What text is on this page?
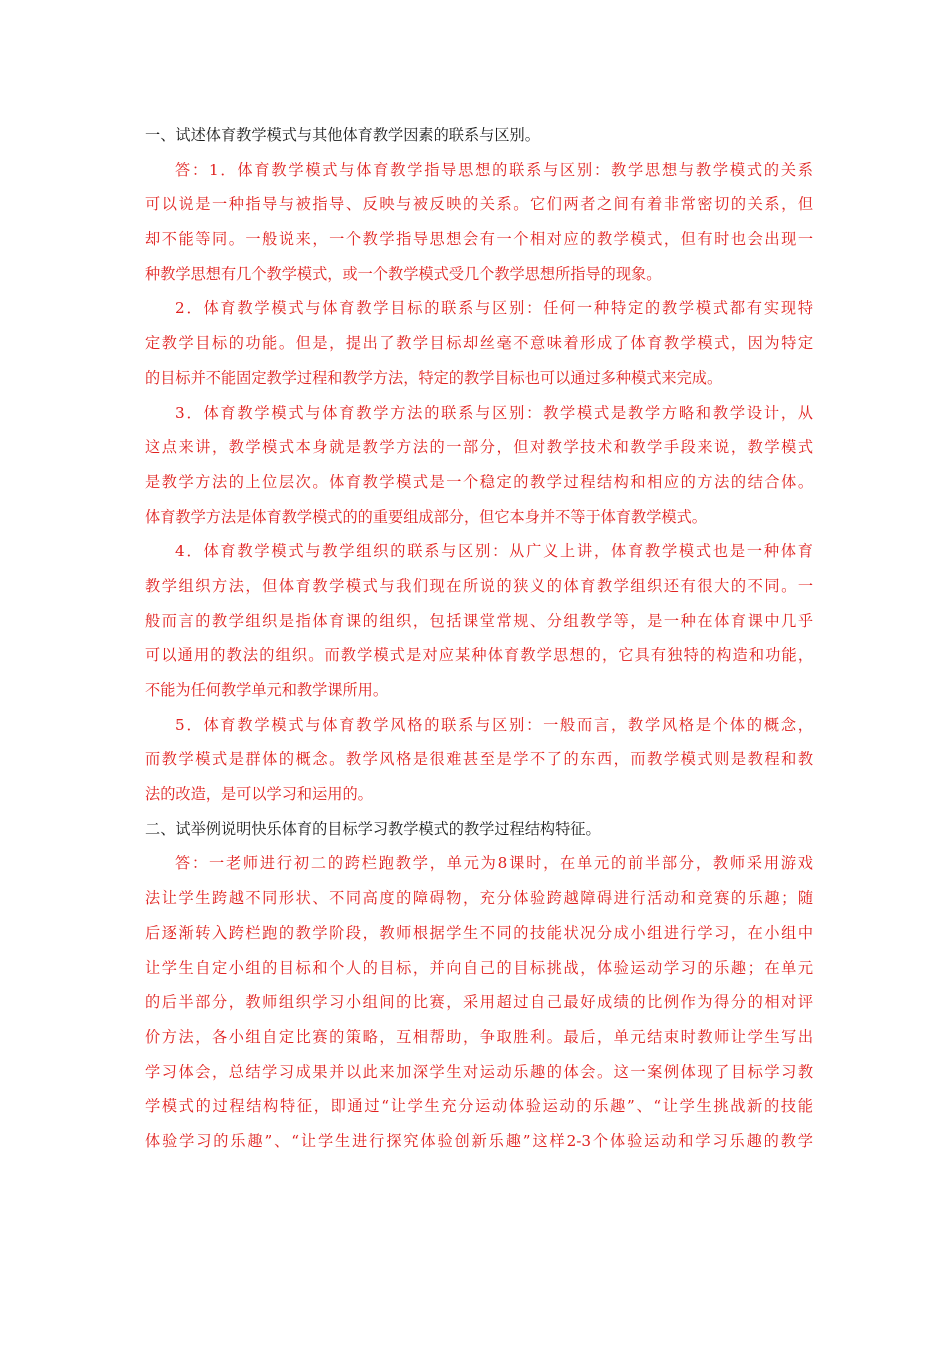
一、试述体育教学模式与其他体育教学因素的联系与区别。
答：1．体育教学模式与体育教学指导思想的联系与区别：教学思想与教学模式的关系
可以说是一种指导与被指导、反映与被反映的关系。它们两者之间有着非常密切的关系，但
却不能等同。一般说来，一个教学指导思想会有一个相对应的教学模式，但有时也会出现一
种教学思想有几个教学模式，或一个教学模式受几个教学思想所指导的现象。
2．体育教学模式与体育教学目标的联系与区别：任何一种特定的教学模式都有实现特
定教学目标的功能。但是，提出了教学目标却丝毫不意味着形成了体育教学模式，因为特定
的目标并不能固定教学过程和教学方法，特定的教学目标也可以通过多种模式来完成。
3．体育教学模式与体育教学方法的联系与区别：教学模式是教学方略和教学设计，从
这点来讲，教学模式本身就是教学方法的一部分，但对教学技术和教学手段来说，教学模式
是教学方法的上位层次。体育教学模式是一个稳定的教学过程结构和相应的方法的结合体。
体育教学方法是体育教学模式的的重要组成部分，但它本身并不等于体育教学模式。
4．体育教学模式与教学组织的联系与区别：从广义上讲，体育教学模式也是一种体育
教学组织方法，但体育教学模式与我们现在所说的狭义的体育教学组织还有很大的不同。一
般而言的教学组织是指体育课的组织，包括课堂常规、分组教学等，是一种在体育课中几乎
可以通用的教法的组织。而教学模式是对应某种体育教学思想的，它具有独特的构造和功能，
不能为任何教学单元和教学课所用。
5．体育教学模式与体育教学风格的联系与区别：一般而言，教学风格是个体的概念，
而教学模式是群体的概念。教学风格是很难甚至是学不了的东西，而教学模式则是教程和教
法的改造，是可以学习和运用的。
二、试举例说明快乐体育的目标学习教学模式的教学过程结构特征。
答：一老师进行初二的跨栏跑教学，单元为8课时，在单元的前半部分，教师采用游戏
法让学生跨越不同形状、不同高度的障碍物，充分体验跨越障碍进行活动和竞赛的乐趣；随
后逐渐转入跨栏跑的教学阶段，教师根据学生不同的技能状况分成小组进行学习，在小组中
让学生自定小组的目标和个人的目标，并向自己的目标挑战，体验运动学习的乐趣；在单元
的后半部分，教师组织学习小组间的比赛，采用超过自己最好成绩的比例作为得分的相对评
价方法，各小组自定比赛的策略，互相帮助，争取胜利。最后，单元结束时教师让学生写出
学习体会，总结学习成果并以此来加深学生对运动乐趣的体会。这一案例体现了目标学习教
学模式的过程结构特征，即通过“让学生充分运动体验运动的乐趣”、“让学生挑战新的技能
体验学习的乐趣”、“让学生进行探究体验创新乐趣”这样2-3个体验运动和学习乐趣的教学
